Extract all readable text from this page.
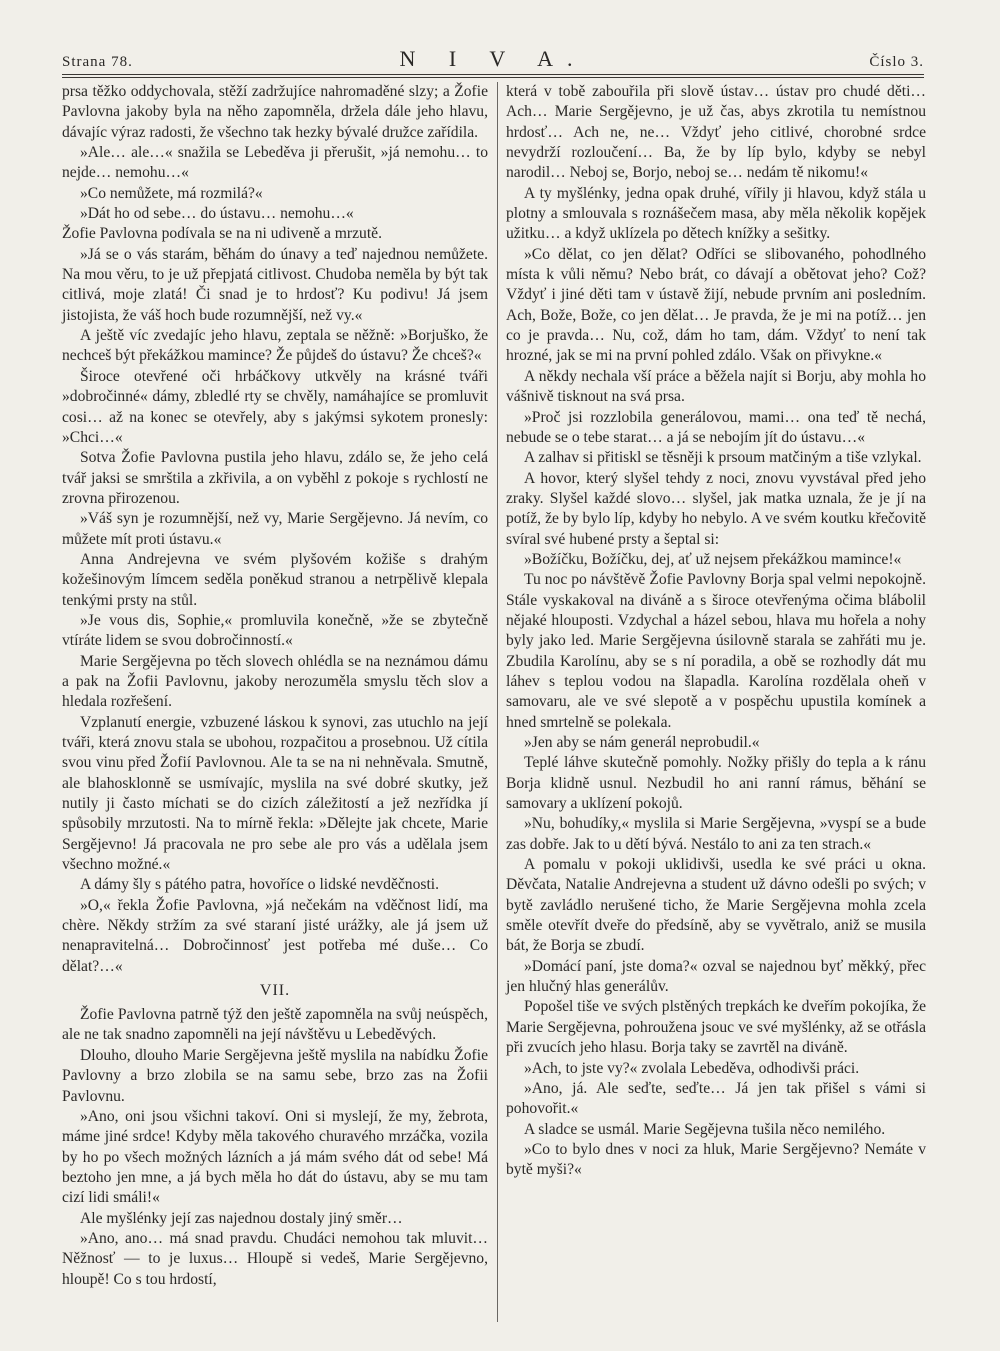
Strana 78.	N I V A.	Číslo 3.

prsa těžko oddychovala, stěží zadržujíce nahromaděné slzy; a Žofie Pavlovna jakoby byla na něho zapomněla, držela dále jeho hlavu, dávajíc výraz radosti, že všechno tak hezky bývalé družce zařídila.

»Ale… ale…« snažila se Lebeděva ji přerušit, »já nemohu… to nejde… nemohu…«

»Co nemůžete, má rozmilá?«

»Dát ho od sebe… do ústavu… nemohu…«

Žofie Pavlovna podívala se na ni udiveně a mrzutě.

»Já se o vás starám, běhám do únavy a teď najednou nemůžete. Na mou věru, to je už přepjatá citlivost. Chudoba neměla by být tak citlivá, moje zlatá! Či snad je to hrdosť? Ku podivu! Já jsem jistojista, že váš hoch bude rozumnější, než vy.«

A ještě víc zvedajíc jeho hlavu, zeptala se něžně: »Borjuško, že nechceš být překážkou mamince? Že půjdeš do ústavu? Že chceš?«

Široce otevřené oči hrbáčkovy utkvěly na krásné tváři »dobročinné« dámy, zbledlé rty se chvěly, namáhajíce se promluvit cosi… až na konec se otevřely, aby s jakýmsi sykotem pronesly: »Chci…«

Sotva Žofie Pavlovna pustila jeho hlavu, zdálo se, že jeho celá tvář jaksi se smrštila a zkřivila, a on vyběhl z pokoje s rychlostí ne zrovna přirozenou.

»Váš syn je rozumnější, než vy, Marie Sergějevno. Já nevím, co můžete mít proti ústavu.«

Anna Andrejevna ve svém plyšovém kožiše s drahým kožešinovým límcem seděla poněkud stranou a netrpělivě klepala tenkými prsty na stůl.

»Je vous dis, Sophie,« promluvila konečně, »že se zbytečně vtíráte lidem se svou dobročinností.«

Marie Sergějevna po těch slovech ohlédla se na neznámou dámu a pak na Žofii Pavlovnu, jakoby nerozuměla smyslu těch slov a hledala rozřešení.

Vzplanutí energie, vzbuzené láskou k synovi, zas utuchlo na její tváři, která znovu stala se ubohou, rozpačitou a prosebnou. Už cítila svou vinu před Žofií Pavlovnou. Ale ta se na ni nehněvala. Smutně, ale blahosklonně se usmívajíc, myslila na své dobré skutky, jež nutily ji často míchati se do cizích záležitostí a jež nezřídka jí spůsobily mrzutosti. Na to mírně řekla: »Dělejte jak chcete, Marie Sergějevno! Já pracovala ne pro sebe ale pro vás a udělala jsem všechno možné.«

A dámy šly s pátého patra, hovoříce o lidské nevděčnosti.

»O,« řekla Žofie Pavlovna, »já nečekám na vděčnost lidí, ma chère. Někdy stržím za své staraní jisté urážky, ale já jsem už nenapravitelná… Dobročinnosť jest potřeba mé duše… Co dělat?…«

VII.

Žofie Pavlovna patrně týž den ještě zapomněla na svůj neúspěch, ale ne tak snadno zapomněli na její návštěvu u Lebeděvých.

Dlouho, dlouho Marie Sergějevna ještě myslila na nabídku Žofie Pavlovny a brzo zlobila se na samu sebe, brzo zas na Žofii Pavlovnu.

»Ano, oni jsou všichni takoví. Oni si myslejí, že my, žebrota, máme jiné srdce! Kdyby měla takového churavého mrzáčka, vozila by ho po všech možných lázních a já mám svého dát od sebe! Má beztoho jen mne, a já bych měla ho dát do ústavu, aby se mu tam cizí lidi smáli!«

Ale myšlénky její zas najednou dostaly jiný směr…

»Ano, ano… má snad pravdu. Chudáci nemohou tak mluvit… Něžnosť — to je luxus… Hloupě si vedeš, Marie Sergějevno, hloupě! Co s tou hrdostí,

která v tobě zabouřila při slově ústav… ústav pro chudé děti… Ach… Marie Sergějevno, je už čas, abys zkrotila tu nemístnou hrdosť… Ach ne, ne… Vždyť jeho citlivé, chorobné srdce nevydrží rozloučení… Ba, že by líp bylo, kdyby se nebyl narodil… Neboj se, Borjo, neboj se… nedám tě nikomu!«

A ty myšlénky, jedna opak druhé, vířily ji hlavou, když stála u plotny a smlouvala s roznášečem masa, aby měla několik kopějek užitku… a když uklízela po dětech knížky a sešitky.

»Co dělat, co jen dělat? Odříci se slibovaného, pohodlného místa k vůli němu? Nebo brát, co dávají a obětovat jeho? Což? Vždyť i jiné děti tam v ústavě žijí, nebude prvním ani posledním. Ach, Bože, Bože, co jen dělat… Je pravda, že je mi na potíž… jen co je pravda… Nu, což, dám ho tam, dám. Vždyť to není tak hrozné, jak se mi na první pohled zdálo. Však on přivykne.«

A někdy nechala vší práce a běžela najít si Borju, aby mohla ho vášnivě tisknout na svá prsa.

»Proč jsi rozzlobila generálovou, mami… ona teď tě nechá, nebude se o tebe starat… a já se nebojím jít do ústavu…«

A zalhav si přitiskl se těsněji k prsoum matčiným a tiše vzlykal.

A hovor, který slyšel tehdy z noci, znovu vyvstával před jeho zraky. Slyšel každé slovo… slyšel, jak matka uznala, že je jí na potíž, že by bylo líp, kdyby ho nebylo. A ve svém koutku křečovitě svíral své hubené prsty a šeptal si:

»Božíčku, Božíčku, dej, ať už nejsem překážkou mamince!«

Tu noc po návštěvě Žofie Pavlovny Borja spal velmi nepokojně. Stále vyskakoval na diváně a s široce otevřenýma očima blábolil nějaké hlouposti. Vzdychal a házel sebou, hlava mu hořela a nohy byly jako led. Marie Sergějevna úsilovně starala se zahřáti mu je. Zbudila Karolínu, aby se s ní poradila, a obě se rozhodly dát mu láhev s teplou vodou na šlapadla. Karolína rozdělala oheň v samovaru, ale ve své slepotě a v pospěchu upustila komínek a hned smrtelně se polekala.

»Jen aby se nám generál neprobudil.«

Teplé láhve skutečně pomohly. Nožky přišly do tepla a k ránu Borja klidně usnul. Nezbudil ho ani ranní rámus, běhání se samovary a uklízení pokojů.

»Nu, bohudíky,« myslila si Marie Sergějevna, »vyspí se a bude zas dobře. Jak to u dětí bývá. Nestálo to ani za ten strach.«

A pomalu v pokoji uklidivši, usedla ke své práci u okna. Děvčata, Natalie Andrejevna a student už dávno odešli po svých; v bytě zavládlo nerušené ticho, že Marie Sergějevna mohla zcela směle otevřít dveře do předsíně, aby se vyvětralo, aniž se musila bát, že Borja se zbudí.

»Domácí paní, jste doma?« ozval se najednou byť měkký, přec jen hlučný hlas generálův.

Popošel tiše ve svých plstěných trepkách ke dveřím pokojíka, že Marie Sergějevna, pohroužena jsouc ve své myšlénky, až se otřásla při zvucích jeho hlasu. Borja taky se zavrtěl na diváně.

»Ach, to jste vy?« zvolala Lebeděva, odhodivši práci.

»Ano, já. Ale seďte, seďte… Já jen tak přišel s vámi si pohovořit.«

A sladce se usmál. Marie Segějevna tušila něco nemilého.

»Co to bylo dnes v noci za hluk, Marie Sergějevno? Nemáte v bytě myši?«
